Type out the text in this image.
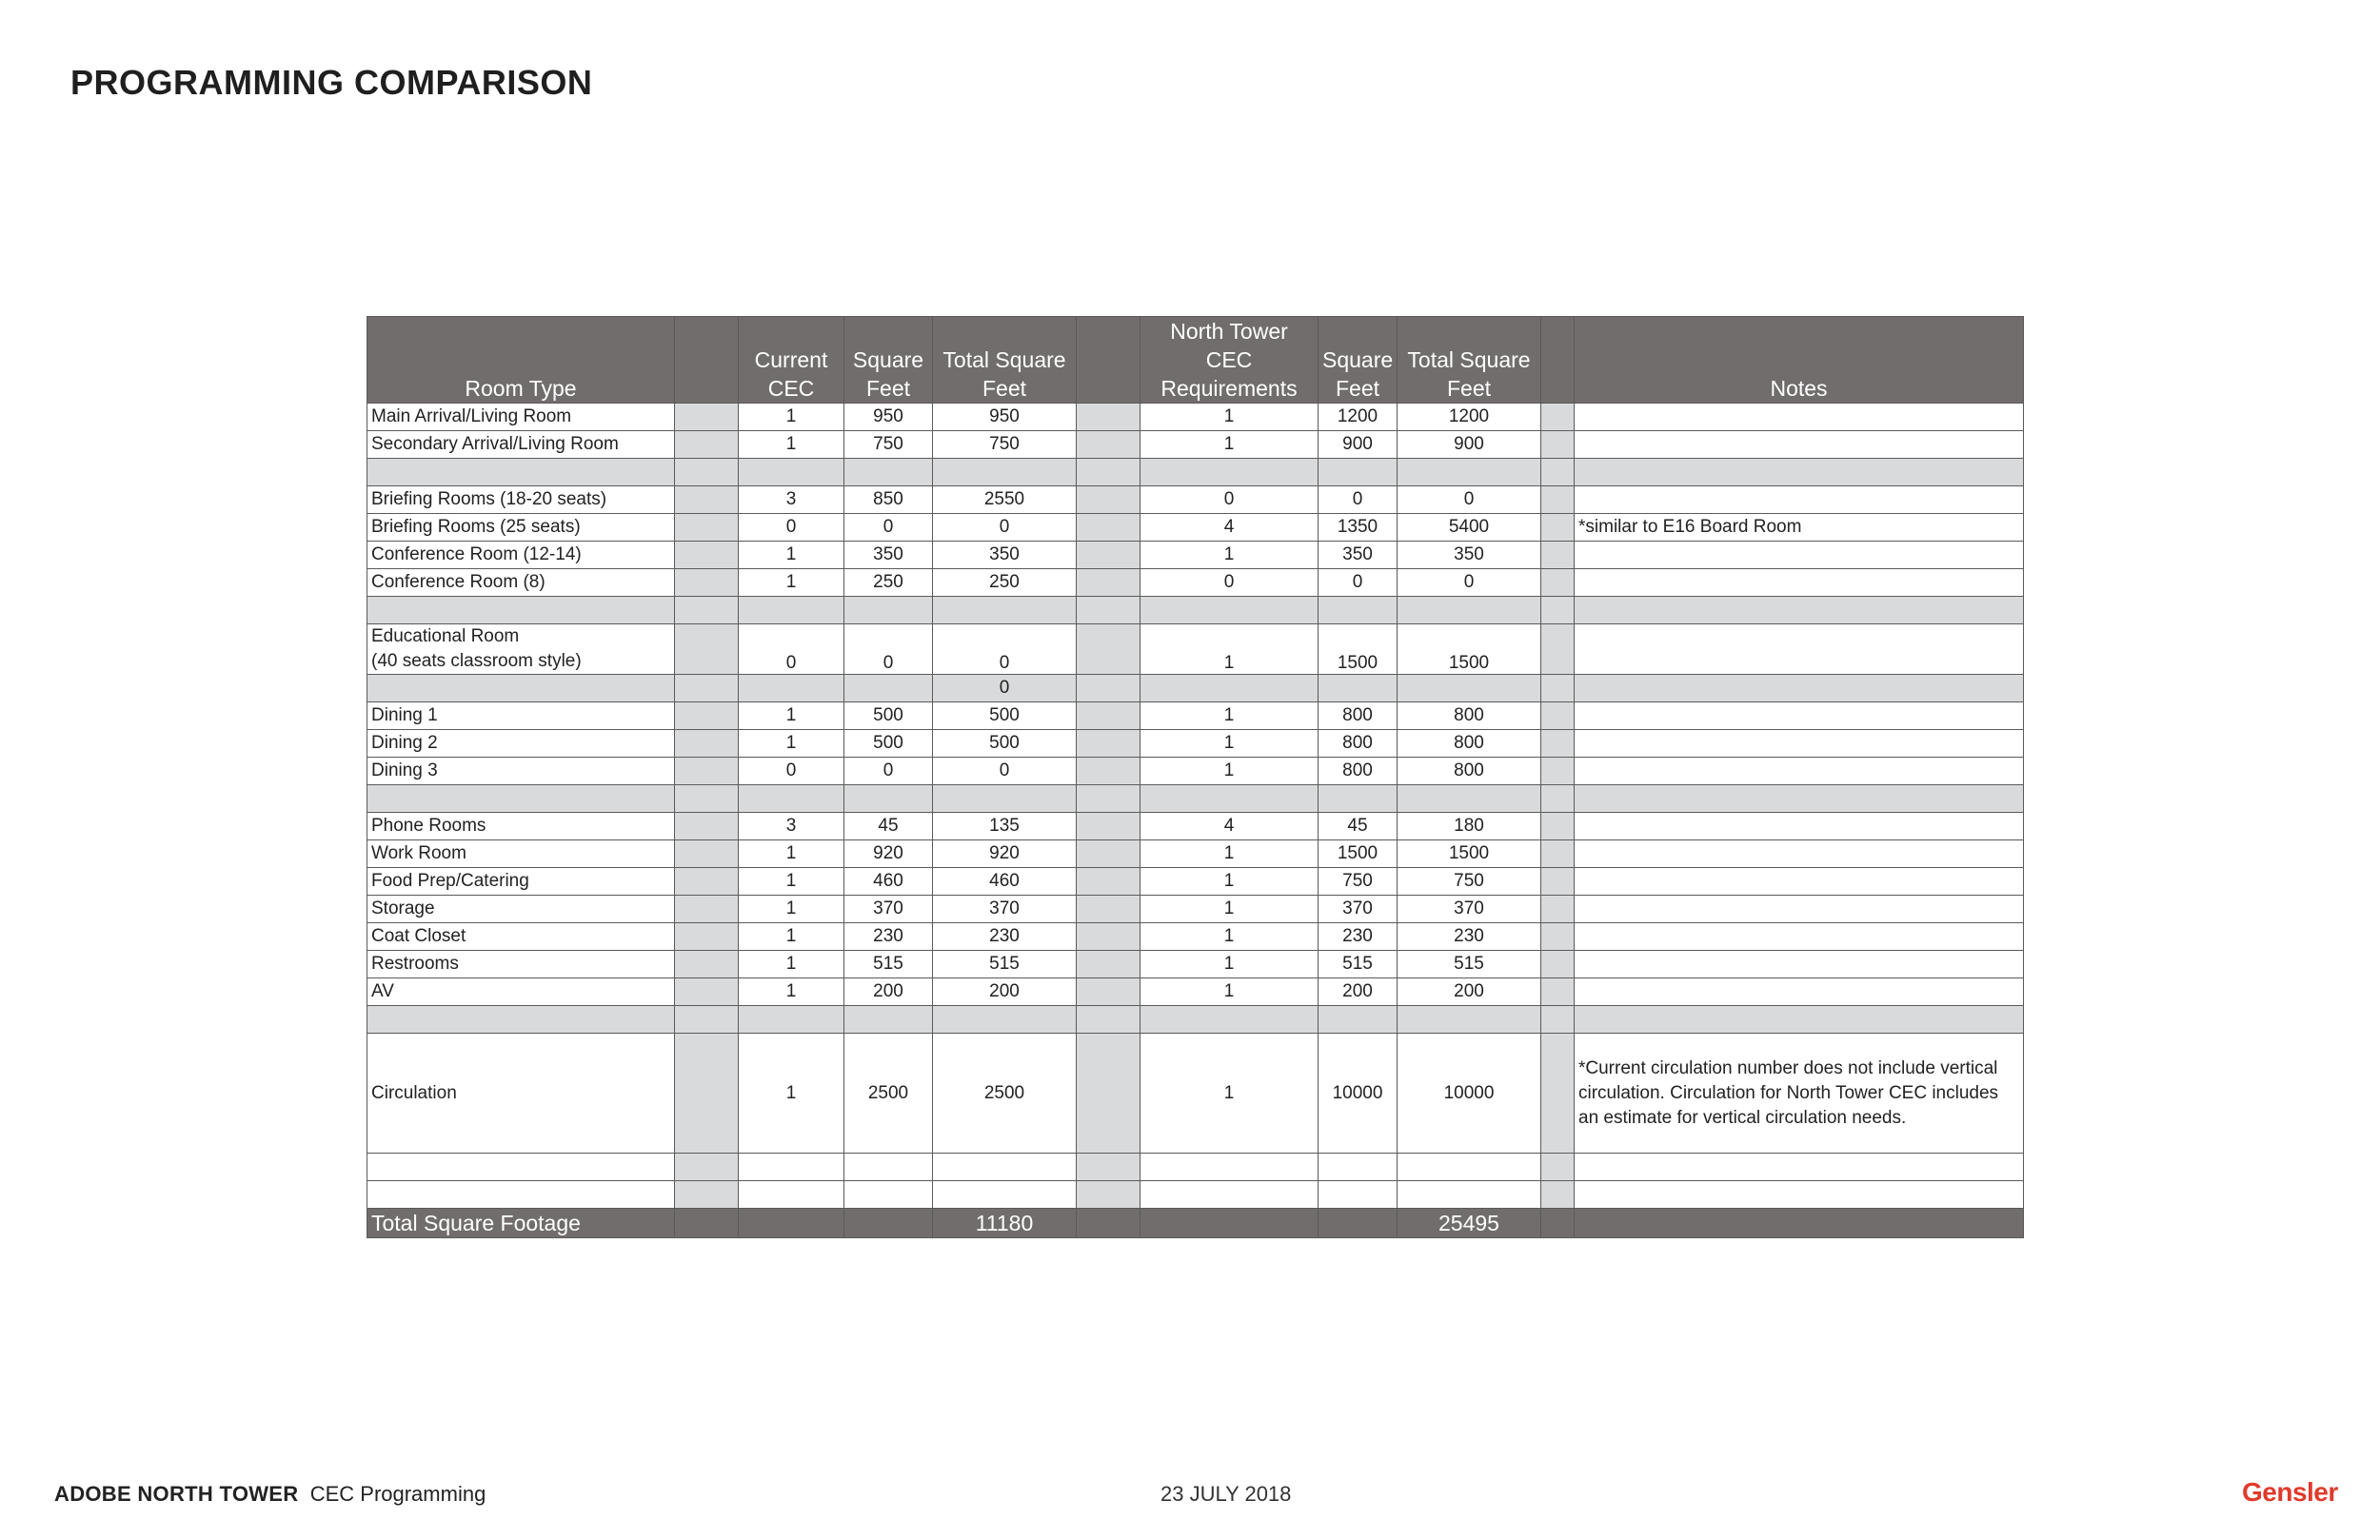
PROGRAMMING COMPARISON
Room Type		Current CEC	Square Feet	Total Square Feet		North Tower CEC Requirements	Square Feet	Total Square Feet		Notes
Main Arrival/Living Room		1	950	950		1	1200	1200		
Secondary Arrival/Living Room		1	750	750		1	900	900		

Briefing Rooms (18-20 seats)		3	850	2550		0	0	0		
Briefing Rooms (25 seats)		0	0	0		4	1350	5400		*similar to E16 Board Room
Conference Room (12-14)		1	350	350		1	350	350		
Conference Room (8)		1	250	250		0	0	0		

Educational Room
(40 seats classroom style)		0	0	0		1	1500	1500		
				0						
Dining 1		1	500	500		1	800	800		
Dining 2		1	500	500		1	800	800		
Dining 3		0	0	0		1	800	800		

Phone Rooms		3	45	135		4	45	180		
Work Room		1	920	920		1	1500	1500		
Food Prep/Catering		1	460	460		1	750	750		
Storage		1	370	370		1	370	370		
Coat Closet		1	230	230		1	230	230		
Restrooms		1	515	515		1	515	515		
AV		1	200	200		1	200	200		

Circulation		1	2500	2500		1	10000	10000		*Current circulation number does not include vertical circulation. Circulation for North Tower CEC includes an estimate for vertical circulation needs.

Total Square Footage				11180				25495		
ADOBE NORTH TOWER CEC Programming	23 JULY 2018	Gensler
